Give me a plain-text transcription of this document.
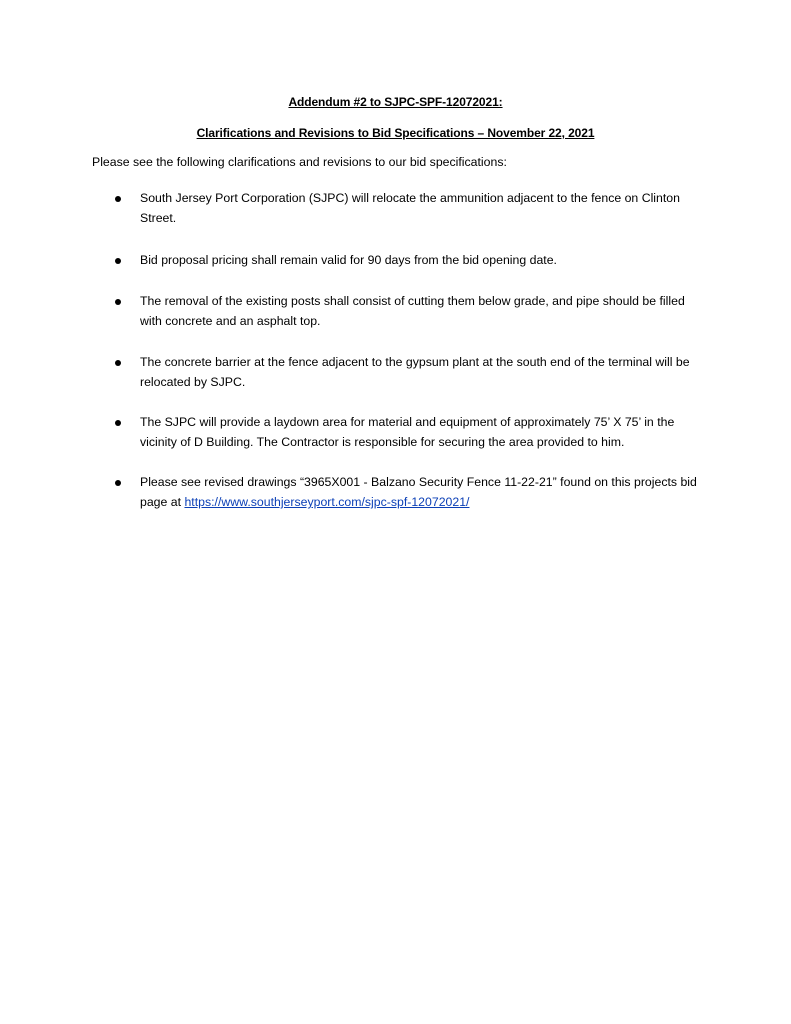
Addendum #2 to SJPC-SPF-12072021:
Clarifications and Revisions to Bid Specifications – November 22, 2021
Please see the following clarifications and revisions to our bid specifications:
South Jersey Port Corporation (SJPC) will relocate the ammunition adjacent to the fence on Clinton Street.
Bid proposal pricing shall remain valid for 90 days from the bid opening date.
The removal of the existing posts shall consist of cutting them below grade, and pipe should be filled with concrete and an asphalt top.
The concrete barrier at the fence adjacent to the gypsum plant at the south end of the terminal will be relocated by SJPC.
The SJPC will provide a laydown area for material and equipment of approximately 75’ X 75’ in the vicinity of D Building. The Contractor is responsible for securing the area provided to him.
Please see revised drawings “3965X001 - Balzano Security Fence 11-22-21” found on this projects bid page at https://www.southjerseyport.com/sjpc-spf-12072021/
